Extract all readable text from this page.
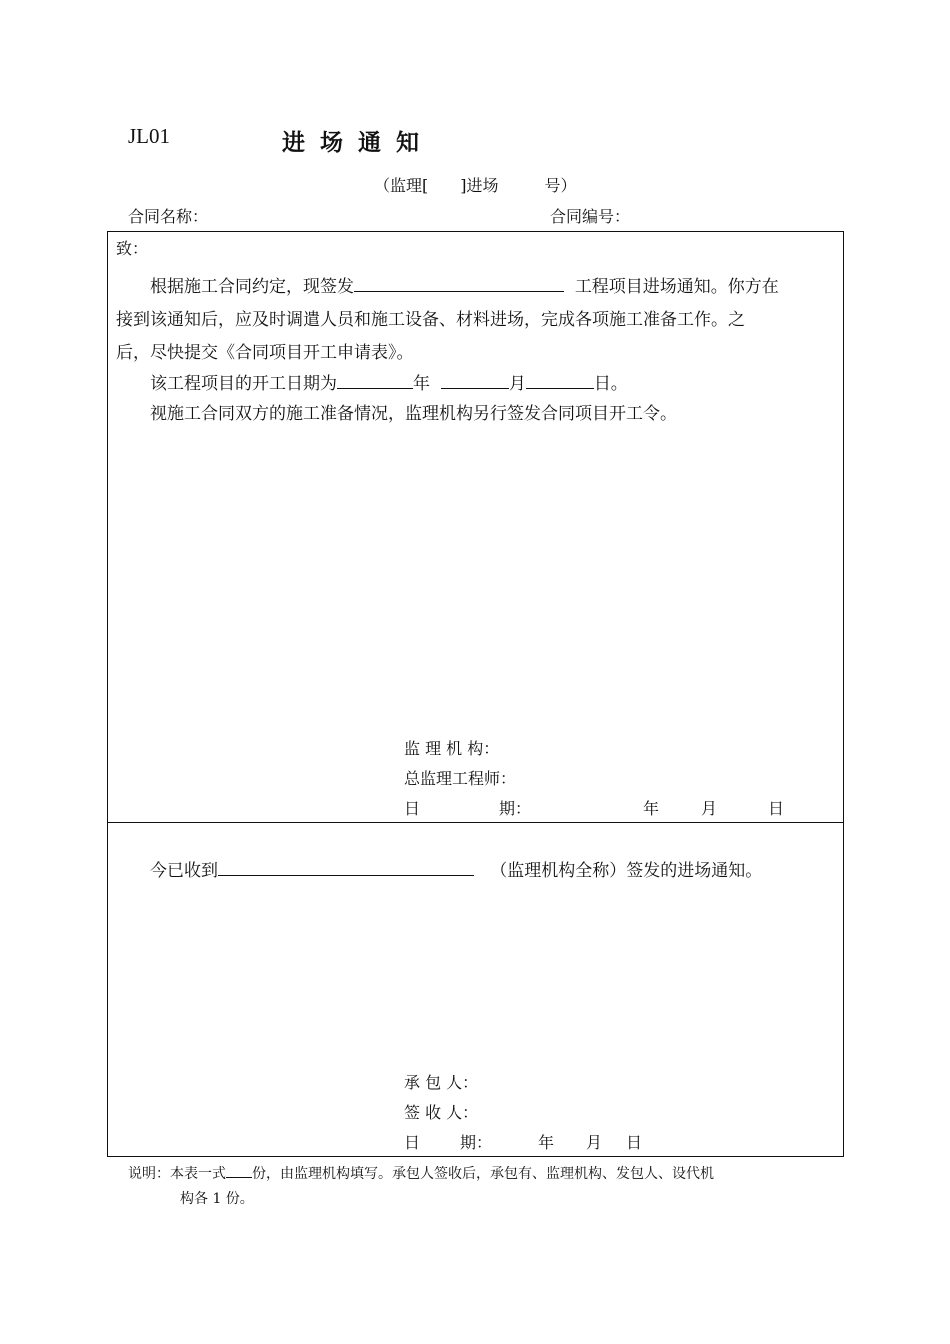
JL01	进场通知
（监理[ ]进场	号）
合同名称：	合同编号：
致：
根据施工合同约定，现签发	工程项目进场通知。你方在
接到该通知后，应及时调遣人员和施工设备、材料进场，完成各项施工准备工作。之
后，尽快提交《合同项目开工申请表》。
该工程项目的开工日期为	年	月	日。
视施工合同双方的施工准备情况，监理机构另行签发合同项目开工令。
监 理 机 构：
总监理工程师：
日	期：	年	月	日
今已收到	（监理机构全称）签发的进场通知。
承 包 人：
签 收 人：
日 期：	年 月 日
说明：本表一式 份，由监理机构填写。承包人签收后，承包有、监理机构、发包人、设代机
构各 1 份。
